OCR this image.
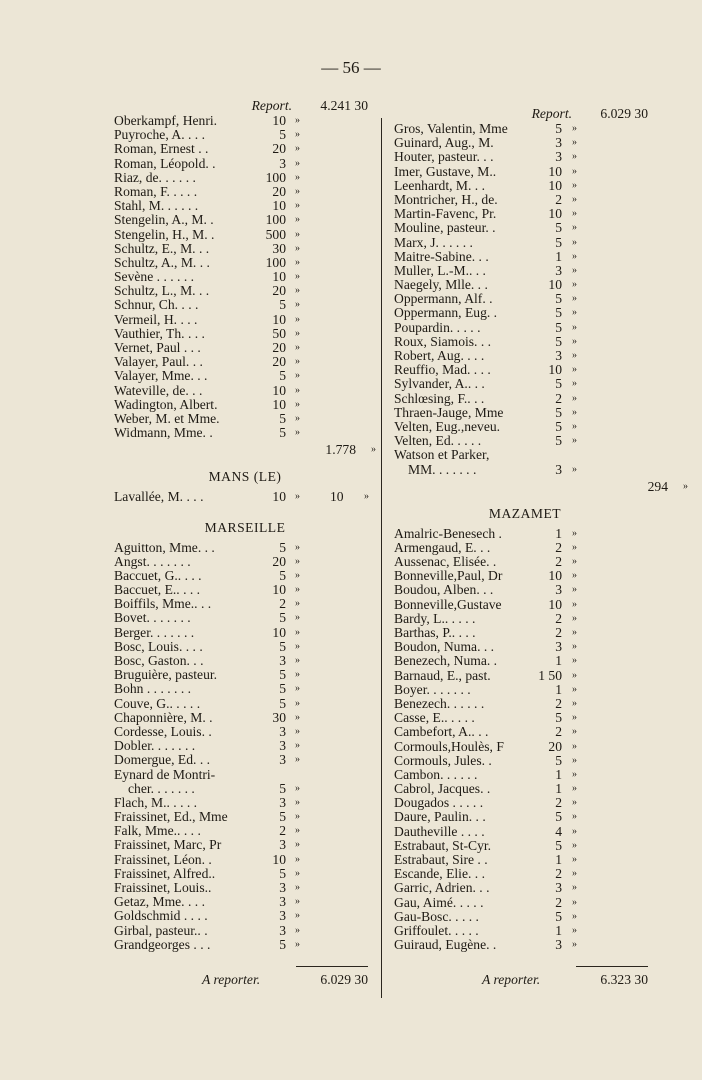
— 56 —
Report. 4.241 30
Oberkampf, Henri.	10 »
Puyroche, A. . . .	5 »
Roman, Ernest . .	20 »
Roman, Léopold. .	3 »
Riaz, de. . . . . .	100 »
Roman, F. . . . .	20 »
Stahl, M. . . . . .	10 »
Stengelin, A., M. .	100 »
Stengelin, H., M. .	500 »
Schultz, E., M. . .	30 »
Schultz, A., M. . .	100 »
Sevène . . . . . .	10 »
Schultz, L., M. . .	20 »
Schnur, Ch. . . .	5 »
Vermeil, H. . . .	10 »
Vauthier, Th. . . .	50 »
Vernet, Paul . . .	20 »
Valayer, Paul. . .	20 »
Valayer, Mme. . .	5 »
Wateville, de. . .	10 »
Wadington, Albert.	10 »
Weber, M. et Mme.	5 »
Widmann, Mme. .	5 »
1.778 »
MANS (LE)
Lavallée, M. . . .	10 » 10 »
MARSEILLE
Aguitton, Mme. . .	5 »
Angst. . . . . . .	20 »
Baccuet, G.. . . .	5 »
Baccuet, E.. . . .	10 »
Boiffils, Mme.. . .	2 »
Bovet. . . . . . .	5 »
Berger. . . . . . .	10 »
Bosc, Louis. . . .	5 »
Bosc, Gaston. . .	3 »
Bruguière, pasteur.	5 »
Bohn . . . . . . .	5 »
Couve, G.. . . . .	5 »
Chaponnière, M. .	30 »
Cordesse, Louis. .	3 »
Dobler. . . . . . .	3 »
Domergue, Ed. . .	3 »
Eynard de Montri-
cher. . . . . . .	5 »
Flach, M.. . . . .	3 »
Fraissinet, Ed., Mme	5 »
Falk, Mme.. . . .	2 »
Fraissinet, Marc, Pr	3 »
Fraissinet, Léon. .	10 »
Fraissinet, Alfred..	5 »
Fraissinet, Louis..	3 »
Getaz, Mme. . . .	3 »
Goldschmid . . . .	3 »
Girbal, pasteur.. .	3 »
Grandgeorges . . .	5 »
A reporter.	6.029 30
Report. 6.029 30
Gros, Valentin, Mme	5 »
Guinard, Aug., M.	3 »
Houter, pasteur. . .	3 »
Imer, Gustave, M..	10 »
Leenhardt, M. . .	10 »
Montricher, H., de.	2 »
Martin-Favenc, Pr.	10 »
Mouline, pasteur. .	5 »
Marx, J. . . . . .	5 »
Maitre-Sabine. . .	1 »
Muller, L.-M.. . .	3 »
Naegely, Mlle. . .	10 »
Oppermann, Alf. .	5 »
Oppermann, Eug. .	5 »
Poupardin. . . . .	5 »
Roux, Siamois. . .	5 »
Robert, Aug. . . .	3 »
Reuffio, Mad. . . .	10 »
Sylvander, A.. . .	5 »
Schlœsing, F.. . .	2 »
Thraen-Jauge, Mme	5 »
Velten, Eug.,neveu.	5 »
Velten, Ed. . . . .	5 »
Watson et Parker,
MM. . . . . . .	3 »
294 »
MAZAMET
Amalric-Benesech .	1 »
Armengaud, E. . .	2 »
Aussenac, Elisée. .	2 »
Bonneville,Paul, Dr	10 »
Boudou, Alben. . .	3 »
Bonneville,Gustave	10 »
Bardy, L.. . . . .	2 »
Barthas, P.. . . .	2 »
Boudon, Numa. . .	3 »
Benezech, Numa. .	1 »
Barnaud, E., past.	1 50 »
Boyer. . . . . . .	1 »
Benezech. . . . . .	2 »
Casse, E.. . . . .	5 »
Cambefort, A.. . .	2 »
Cormouls,Houlès, F	20 »
Cormouls, Jules. .	5 »
Cambon. . . . . .	1 »
Cabrol, Jacques. .	1 »
Dougados . . . . .	2 »
Daure, Paulin. . .	5 »
Dautheville . . . .	4 »
Estrabaut, St-Cyr.	5 »
Estrabaut, Sire . .	1 »
Escande, Elie. . .	2 »
Garric, Adrien. . .	3 »
Gau, Aimé. . . . .	2 »
Gau-Bosc. . . . .	5 »
Griffoulet. . . . .	1 »
Guiraud, Eugène. .	3 »
A reporter.	6.323 30
